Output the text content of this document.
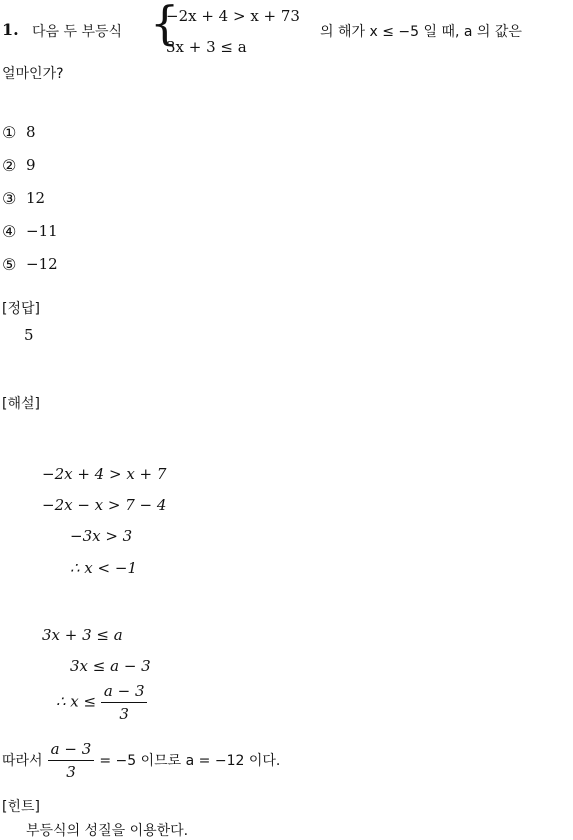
1. 다음 두 부등식 {
−2x + 4 > x + 73
3x + 3 ≤ a
의 해가 x ≤ −5 일 때, a 의 값은
얼마인가?
① 8
② 9
③ 12
④ −11
⑤ −12
[정답]
5
[해설]
−2x + 4 > x + 7
−2x − x > 7 − 4
−3x > 3
∴ x < −1
3x + 3 ≤ a
3x ≤ a − 3
∴ $x \le \frac{a - 3}{3}$
따라서 $\frac{a - 3}{3} = -5$ 이므로 a = −12 이다.
[힌트]
부등식의 성질을 이용한다.
